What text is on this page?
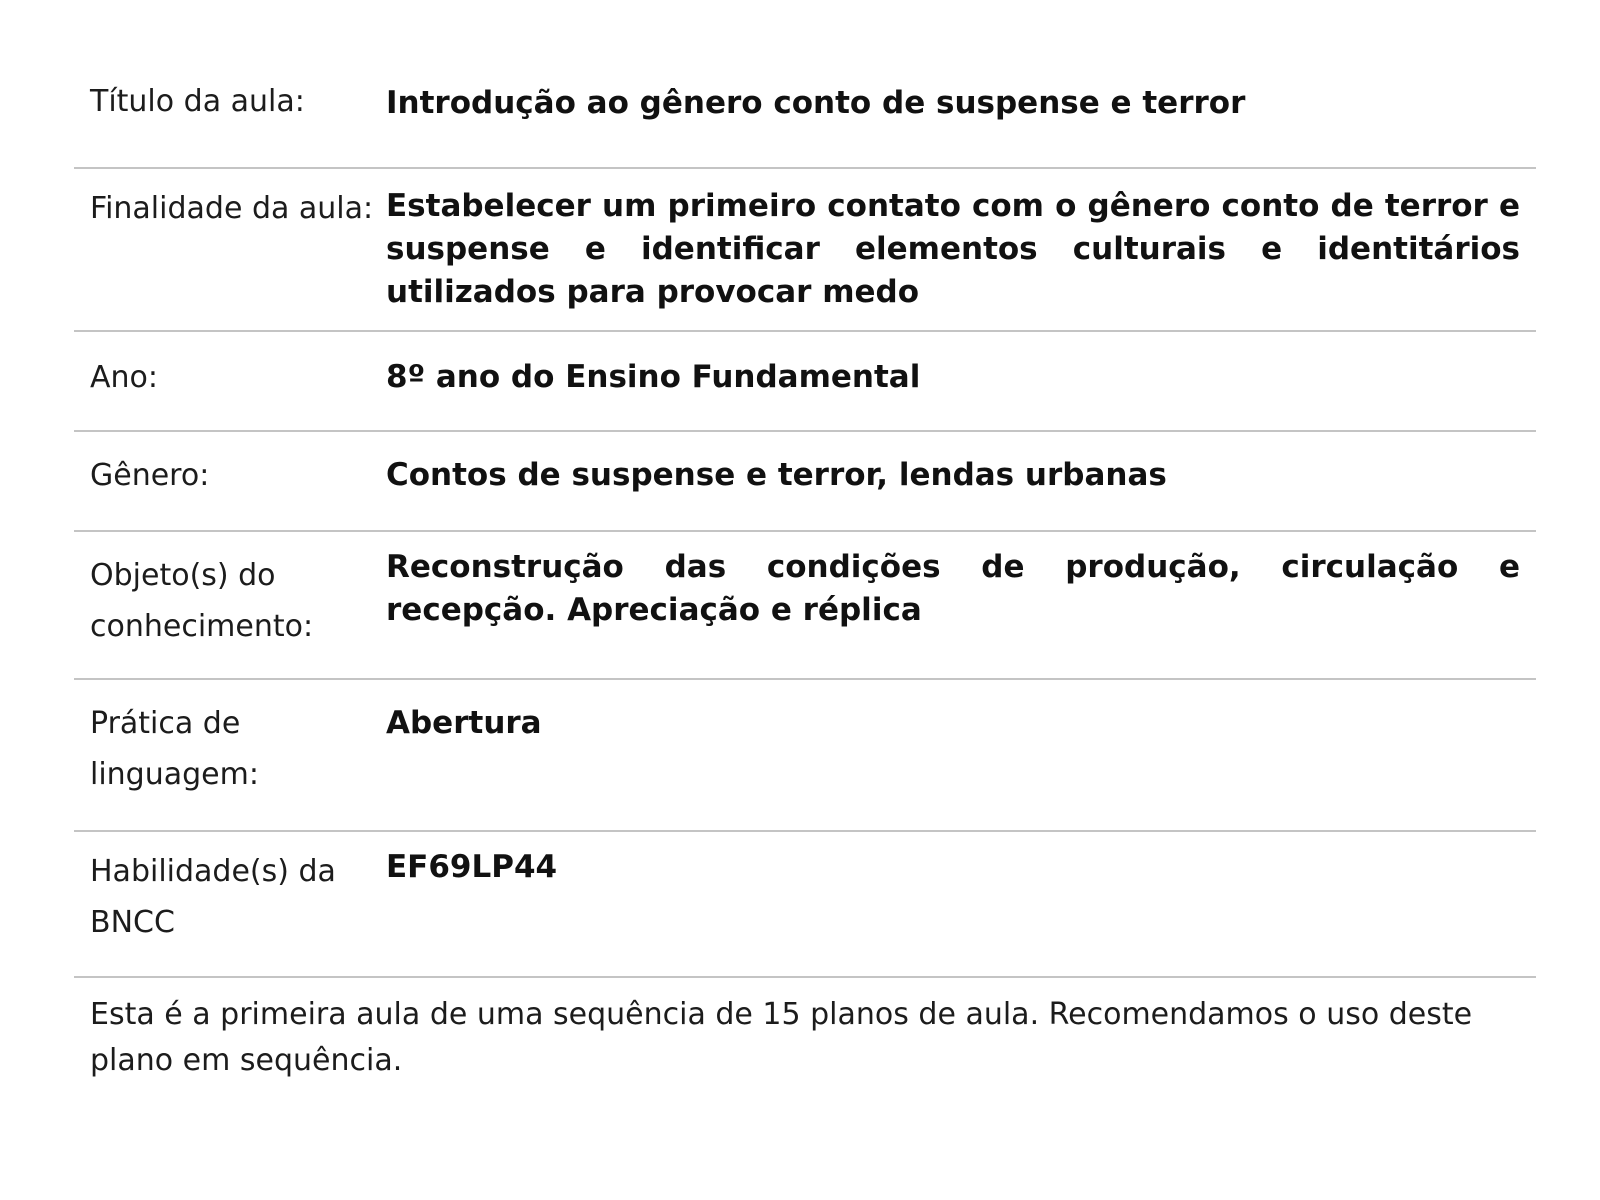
Título da aula:	Introdução ao gênero conto de suspense e terror

Finalidade da aula:	Estabelecer um primeiro contato com o gênero conto de terror e suspense e identificar elementos culturais e identitários utilizados para provocar medo

Ano:	8º ano do Ensino Fundamental

Gênero:	Contos de suspense e terror, lendas urbanas

Objeto(s) do conhecimento:	Reconstrução das condições de produção, circulação e recepção. Apreciação e réplica

Prática de linguagem:	Abertura

Habilidade(s) da BNCC	EF69LP44
Esta é a primeira aula de uma sequência de 15 planos de aula. Recomendamos o uso deste plano em sequência.
